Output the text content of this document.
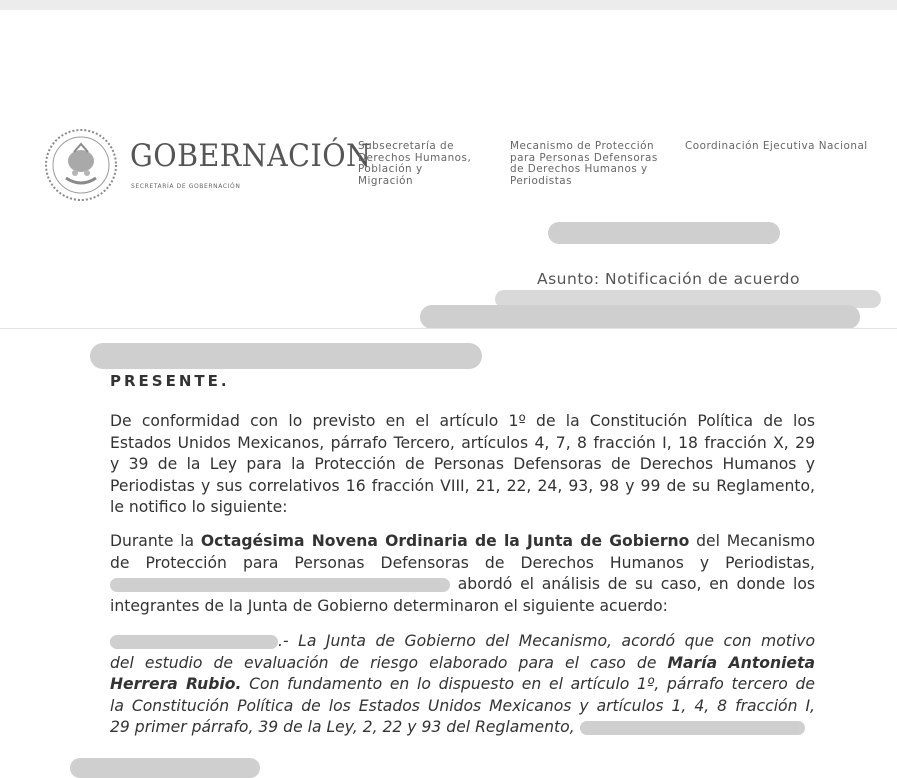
GOBERNACIÓN
SECRETARÍA DE GOBERNACIÓN
Subsecretaría de
Derechos Humanos,
Población y
Migración
Mecanismo de Protección
para Personas Defensoras
de Derechos Humanos y
Periodistas
Coordinación Ejecutiva Nacional
Asunto: Notificación de acuerdo
PRESENTE.
De conformidad con lo previsto en el artículo 1º de la Constitución Política de los
Estados Unidos Mexicanos, párrafo Tercero, artículos 4, 7, 8 fracción I, 18 fracción X, 29
y 39 de la Ley para la Protección de Personas Defensoras de Derechos Humanos y
Periodistas y sus correlativos 16 fracción VIII, 21, 22, 24, 93, 98 y 99 de su Reglamento,
le notifico lo siguiente:
Durante la Octagésima Novena Ordinaria de la Junta de Gobierno del Mecanismo
de Protección para Personas Defensoras de Derechos Humanos y Periodistas,
abordó el análisis de su caso, en donde los
integrantes de la Junta de Gobierno determinaron el siguiente acuerdo:
.- La Junta de Gobierno del Mecanismo, acordó que con motivo
del estudio de evaluación de riesgo elaborado para el caso de María Antonieta
Herrera Rubio. Con fundamento en lo dispuesto en el artículo 1º, párrafo tercero de
la Constitución Política de los Estados Unidos Mexicanos y artículos 1, 4, 8 fracción I,
29 primer párrafo, 39 de la Ley, 2, 22 y 93 del Reglamento,
